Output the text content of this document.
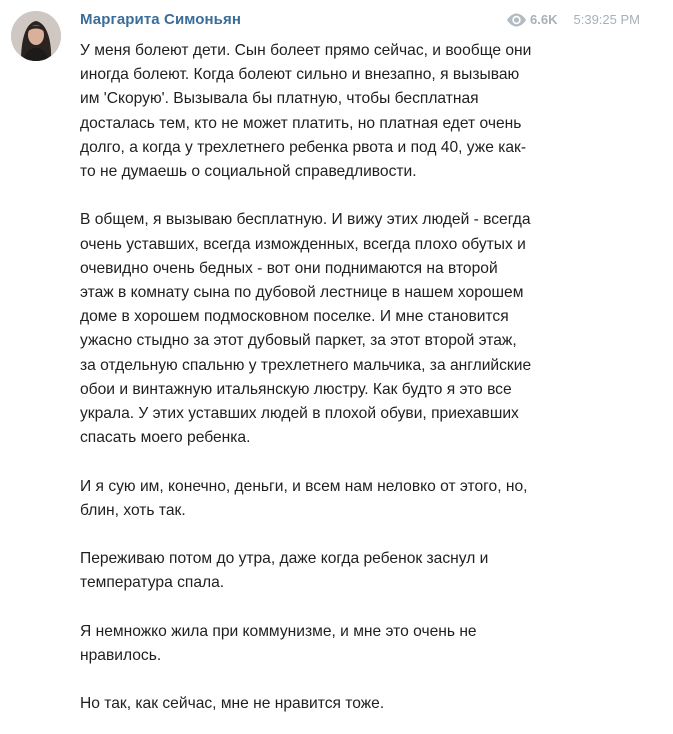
Маргарита Симоньян	6.6K 5:39:25 PM

У меня болеют дети. Сын болеет прямо сейчас, и вообще они
иногда болеют. Когда болеют сильно и внезапно, я вызываю
им 'Скорую'. Вызывала бы платную, чтобы бесплатная
досталась тем, кто не может платить, но платная едет очень
долго, а когда у трехлетнего ребенка рвота и под 40, уже как-
то не думаешь о социальной справедливости.

В общем, я вызываю бесплатную. И вижу этих людей - всегда
очень уставших, всегда изможденных, всегда плохо обутых и
очевидно очень бедных - вот они поднимаются на второй
этаж в комнату сына по дубовой лестнице в нашем хорошем
доме в хорошем подмосковном поселке. И мне становится
ужасно стыдно за этот дубовый паркет, за этот второй этаж,
за отдельную спальню у трехлетнего мальчика, за английские
обои и винтажную итальянскую люстру. Как будто я это все
украла. У этих уставших людей в плохой обуви, приехавших
спасать моего ребенка.

И я сую им, конечно, деньги, и всем нам неловко от этого, но,
блин, хоть так.

Переживаю потом до утра, даже когда ребенок заснул и
температура спала.

Я немножко жила при коммунизме, и мне это очень не
нравилось.

Но так, как сейчас, мне не нравится тоже.
